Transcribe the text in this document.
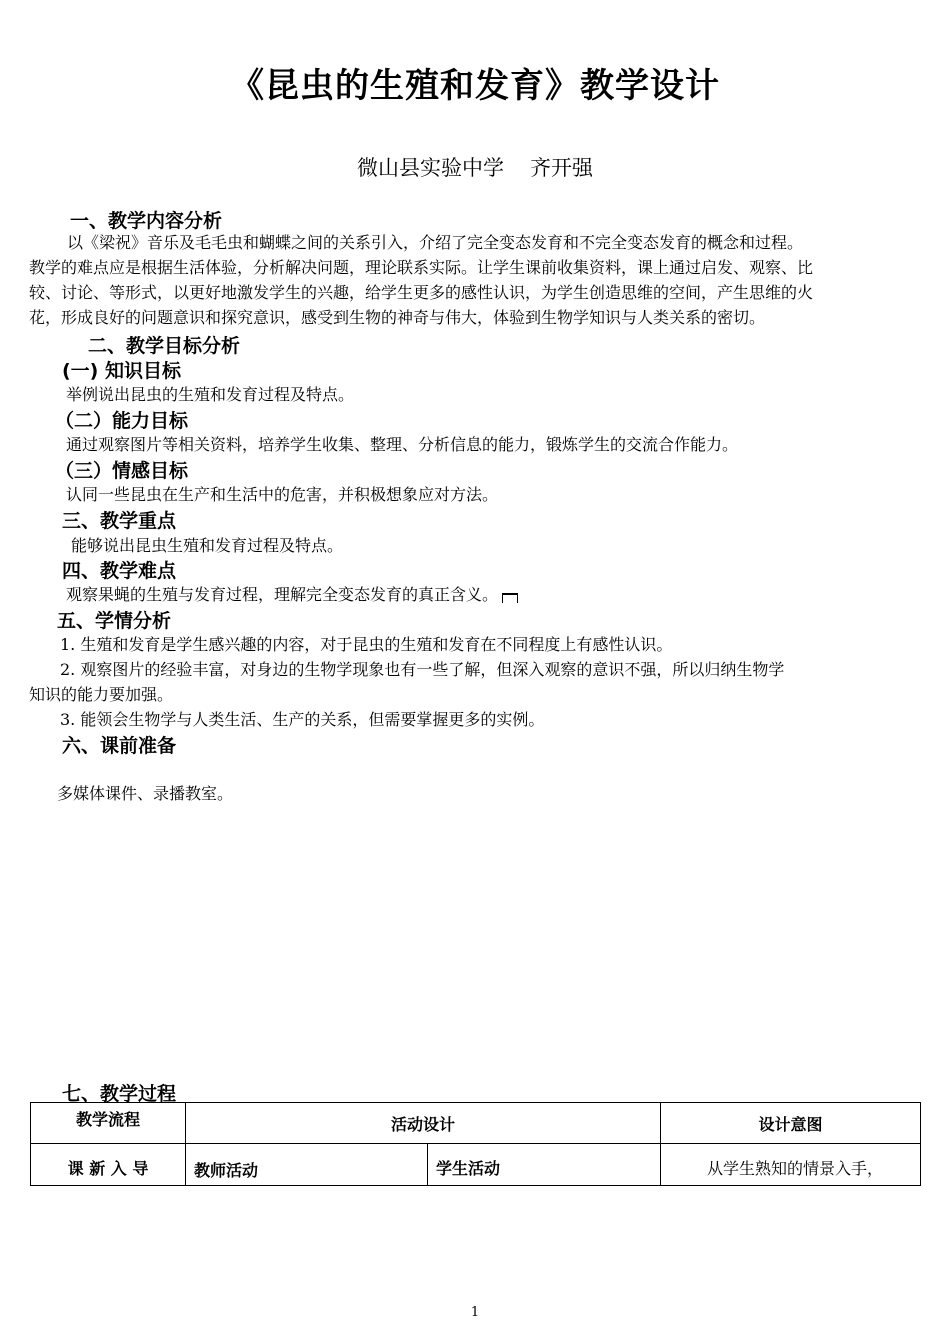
《昆虫的生殖和发育》教学设计
微山县实验中学 齐开强
一、教学内容分析
以《梁祝》音乐及毛毛虫和蝴蝶之间的关系引入，介绍了完全变态发育和不完全变态发育的概念和过程。
教学的难点应是根据生活体验，分析解决问题，理论联系实际。让学生课前收集资料，课上通过启发、观察、比
较、讨论、等形式，以更好地激发学生的兴趣，给学生更多的感性认识，为学生创造思维的空间，产生思维的火
花，形成良好的问题意识和探究意识，感受到生物的神奇与伟大，体验到生物学知识与人类关系的密切。
二、教学目标分析
(一) 知识目标
举例说出昆虫的生殖和发育过程及特点。
（二）能力目标
通过观察图片等相关资料，培养学生收集、整理、分析信息的能力，锻炼学生的交流合作能力。
（三）情感目标
认同一些昆虫在生产和生活中的危害，并积极想象应对方法。
三、教学重点
能够说出昆虫生殖和发育过程及特点。
四、教学难点
观察果蝇的生殖与发育过程，理解完全变态发育的真正含义。
五、学情分析
1. 生殖和发育是学生感兴趣的内容，对于昆虫的生殖和发育在不同程度上有感性认识。
2. 观察图片的经验丰富，对身边的生物学现象也有一些了解，但深入观察的意识不强，所以归纳生物学
知识的能力要加强。
3. 能领会生物学与人类生活、生产的关系，但需要掌握更多的实例。
六、课前准备
多媒体课件、录播教室。
七、教学过程
教学流程	活动设计		设计意图
课 新 入 导	教师活动	学生活动	从学生熟知的情景入手，
1
